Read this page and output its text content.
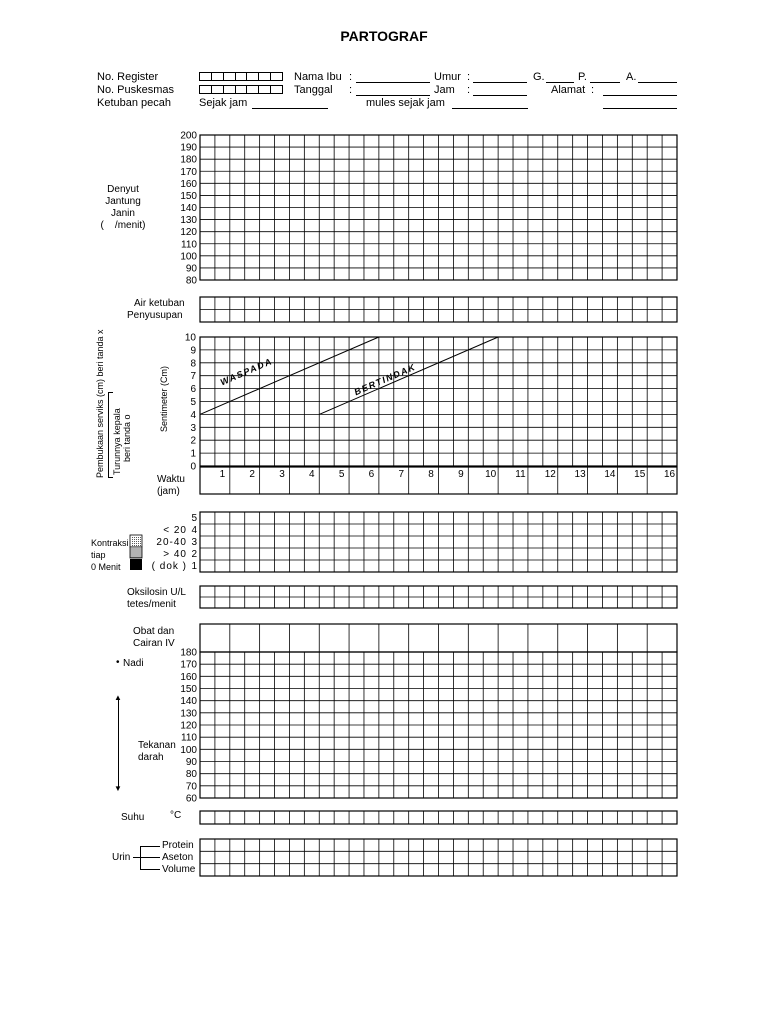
PARTOGRAF
No. Register
No. Puskesmas
Ketuban pecah	Sejak jam
Nama Ibu :
Tanggal :
mules sejak jam
Umur :
Jam :
G.	P.	A.
Alamat :
Denyut
Jantung
Janin
(    /menit)
Air ketuban
Penyusupan
Pembukaan serviks (cm) beri tanda x Turunnya kepala beri tanda o
Sentimeter (Cm)
Waktu
(jam)
Kontraksi
tiap
0 Menit
Oksilosin U/L
tetes/menit
Obat dan
Cairan IV
• Nadi
▲
▼
Tekanan
darah
Suhu	°C
Urin
Protein
Aseton
Volume
200
190
180
170
160
150
140
130
120
110
100
90
80
10
9
8
7
6
5
4
3
2
1
0
1 2 3 4 5 6 7 8 9 10 11 12 13 14 15 16
WASPADA	BERTINDAK
5
4
< 20
3
20-40
2
> 40
1
( dok )
180
170
160
150
140
130
120
110
100
90
80
70
60
